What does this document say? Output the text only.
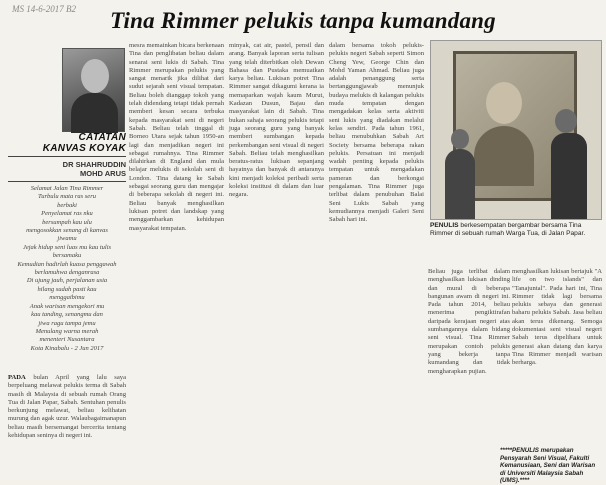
MS 14-6-2017 B2	Tina Rimmer pelukis tanpa kumandang
CATATAN
KANVAS KOYAK
DR SHAHRUDDIN
MOHD ARUS
Selamat Jalan Tina Rimmer
Turbulu mata ras seru
berbaki
Penyelamat ras nku
bersumpah kau ulu
mengosokkan senang di kanvas
jiwamu
Jejak hidup seni luas mu kau tulis bersamaku
Kemudian hadirlah kuasa penggawah
berlamuhwa denganrasa
Di ujung jauh, perjalanan usia
hilang sudah pasti kau
menggaibimu
Anak warisan mengekori mu
kau tanding, senangmu dan
jiwa ragu tampa jemu
Menulang warna merah
menenteri Nusantara
Kota Kinabalu - 2 Jun 2017

PADA bulan April yang lalu saya berpeluang melawat pelukis terma di Sabah masih di Malaysia di sebuah rumah Orang Tua di Jalan Papar, Sabah. Sentuhan penulis berkunjung melawat, beliau kelihatan murung dan agak uzur. Walaubagaimanapun beliau masih bersemangat bercerita tentang kehidupan seninya di negeri ini.

mesra memainkan bicara berkenaan Tina dan penglibatan beliau dalam senarai seni lukis di Sabah. Tina Rimmer merupakan pelukis yang sangat menarik jika dilihat dari sudut sejarah seni visual tempatan. Beliau boleh dianggap tokoh yang telah didendang tetapi tidak pernah memberi kesan secara terbuka kepada masyarakat seni di negeri Sabah. Beliau telah tinggal di Borneo Utara sejak tahun 1950-an lagi dan menjadikan negeri ini sebagai rumahnya. Tina Rimmer dilahirkan di England dan mula belajar melukis di sekolah seni di London. Tina datang ke Sabah sebagai seorang guru dan mengajar di beberapa sekolah di negeri ini. Beliau banyak menghasilkan lukisan potret dan landskap yang menggambarkan kehidupan masyarakat tempatan.

minyak, cat air, pastel, pensil dan arang. Banyak laporan serta tulisan yang telah diterbitkan oleh Dewan Bahasa dan Pustaka memuatkan karya beliau. Lukisan potret Tina Rimmer sangat dikagumi kerana ia memaparkan wajah kaum Murut, Kadazan Dusun, Bajau dan masyarakat lain di Sabah. Tina bukan sahaja seorang pelukis tetapi juga seorang guru yang banyak memberi sumbangan kepada perkembangan seni visual di negeri Sabah. Beliau telah menghasilkan beratus-ratus lukisan sepanjang hayatnya dan banyak di antaranya kini menjadi koleksi peribadi serta koleksi institusi di dalam dan luar negara.

dalam bersama tokoh pelukis-pelukis negeri Sabah seperti Simon Cheng Yew, George Chin dan Mohd Yaman Ahmad. Beliau juga adalah penanggung serta bertanggungjawab menunjuk budaya melukis di kalangan pelukis muda tempatan dengan mengadakan kelas serta aktiviti seni lukis yang diadakan melalui kelas sendiri. Pada tahun 1961, beliau menubuhkan Sabah Art Society bersama beberapa rakan pelukis. Persatuan ini menjadi wadah penting kepada pelukis tempatan untuk mengadakan pameran dan berkongsi pengalaman. Tina Rimmer juga terlibat dalam penubuhan Balai Seni Lukis Sabah yang kemudiannya menjadi Galeri Seni Sabah hari ini.

PENULIS berkesempatan bergambar bersama Tina Rimmer di sebuah rumah Warga Tua, di Jalan Papar.

Beliau juga terlibat dalam menghasilkan lukisan dinding dan mural di beberapa bangunan awam di negeri ini. Pada tahun 2014, beliau menerima pengiktirafan daripada kerajaan negeri atas sumbangannya dalam bidang seni visual. Tina Rimmer merupakan contoh pelukis yang bekerja tanpa kumandang dan tidak mengharapkan pujian.

menghasilkan lukisan bertajuk "A life on two islands" dan "Tanajuntal". Pada hari ini, Tina Rimmer tidak lagi bersama pelukis sebaya dan generasi baharu pelukis Sabah. Jasa beliau akan terus dikenang. Semoga dokumentasi seni visual negeri Sabah terus dipelihara untuk generasi akan datang dan karya Tina Rimmer menjadi warisan berharga.

*****PENULIS merupakan Pensyarah Seni Visual, Fakulti Kemanusiaan, Seni dan Warisan di Universiti Malaysia Sabah (UMS).****
